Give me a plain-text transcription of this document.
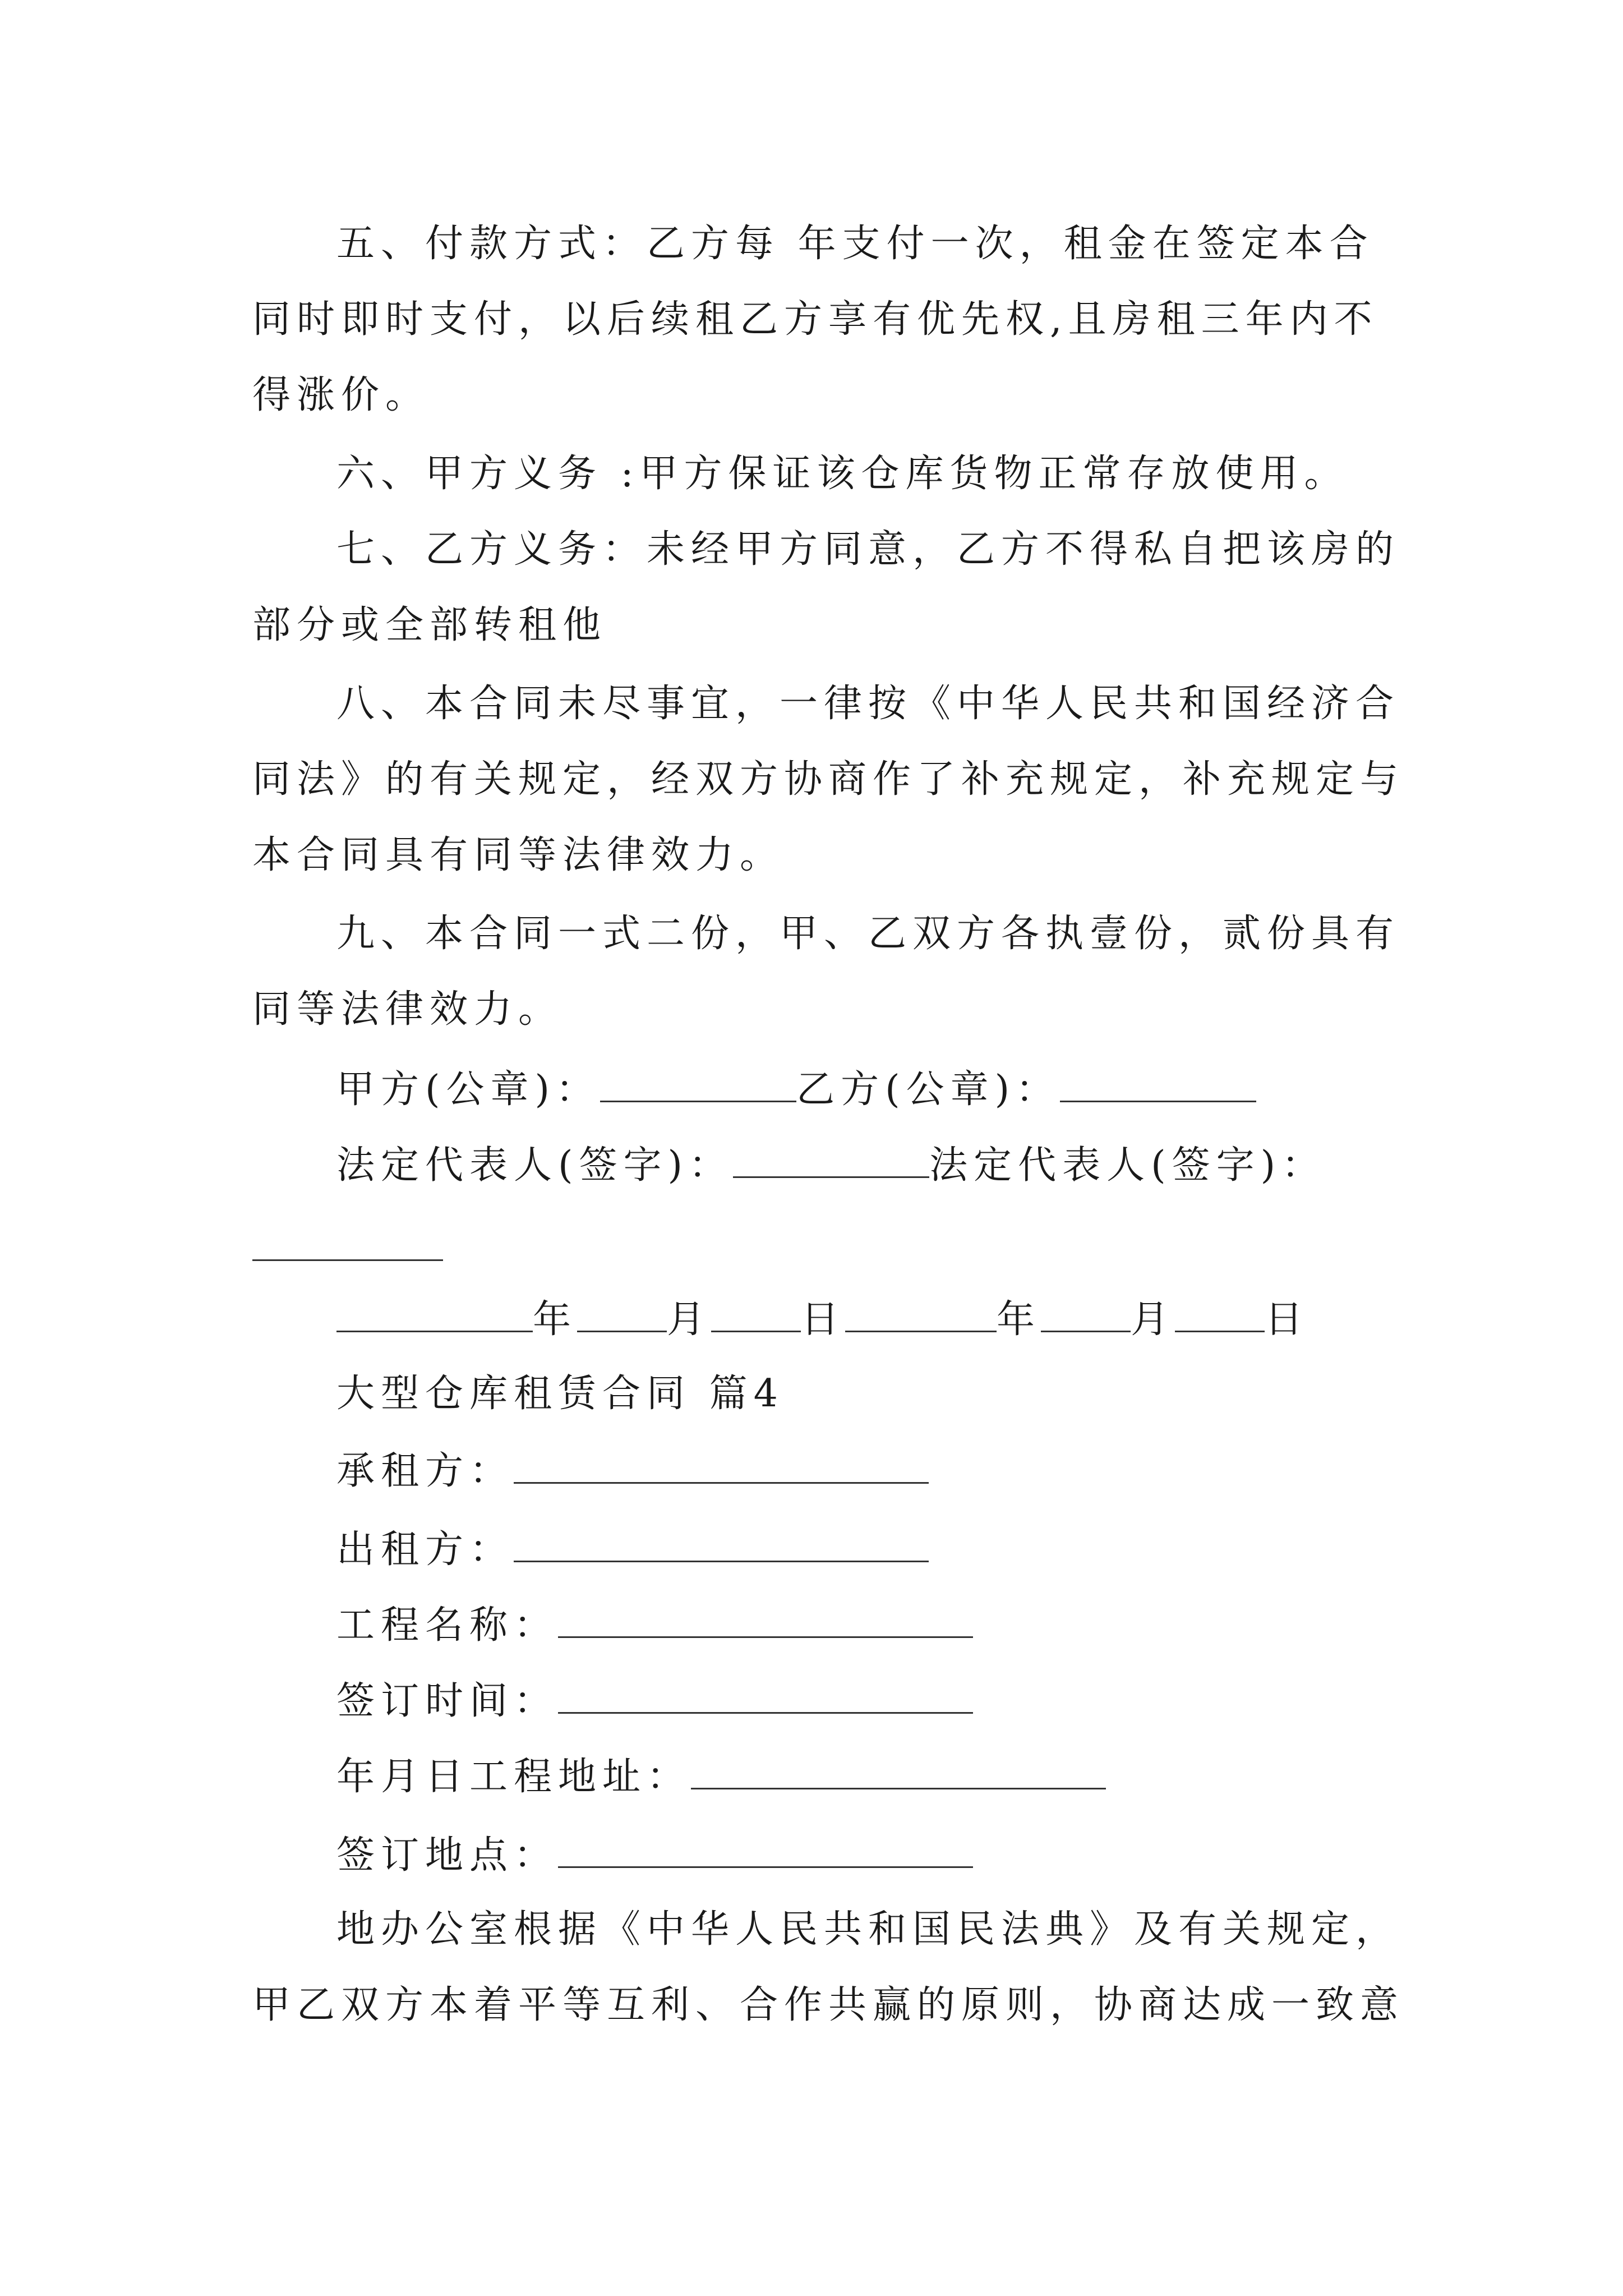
五、付款方式：乙方每 年支付一次，租金在签定本合
同时即时支付，以后续租乙方享有优先权,且房租三年内不
得涨价。
六、甲方义务 :甲方保证该仓库货物正常存放使用。
七、乙方义务：未经甲方同意，乙方不得私自把该房的
部分或全部转租他
八、本合同未尽事宜，一律按《中华人民共和国经济合
同法》的有关规定，经双方协商作了补充规定，补充规定与
本合同具有同等法律效力。
九、本合同一式二份，甲、乙双方各执壹份，贰份具有
同等法律效力。
甲方(公章)：	乙方(公章)：
法定代表人(签字)：	法定代表人(签字)：
年 月 日	年 月 日
大型仓库租赁合同 篇4
承租方：
出租方：
工程名称：
签订时间：
年月日工程地址：
签订地点：
地办公室根据《中华人民共和国民法典》及有关规定，
甲乙双方本着平等互利、合作共赢的原则，协商达成一致意
